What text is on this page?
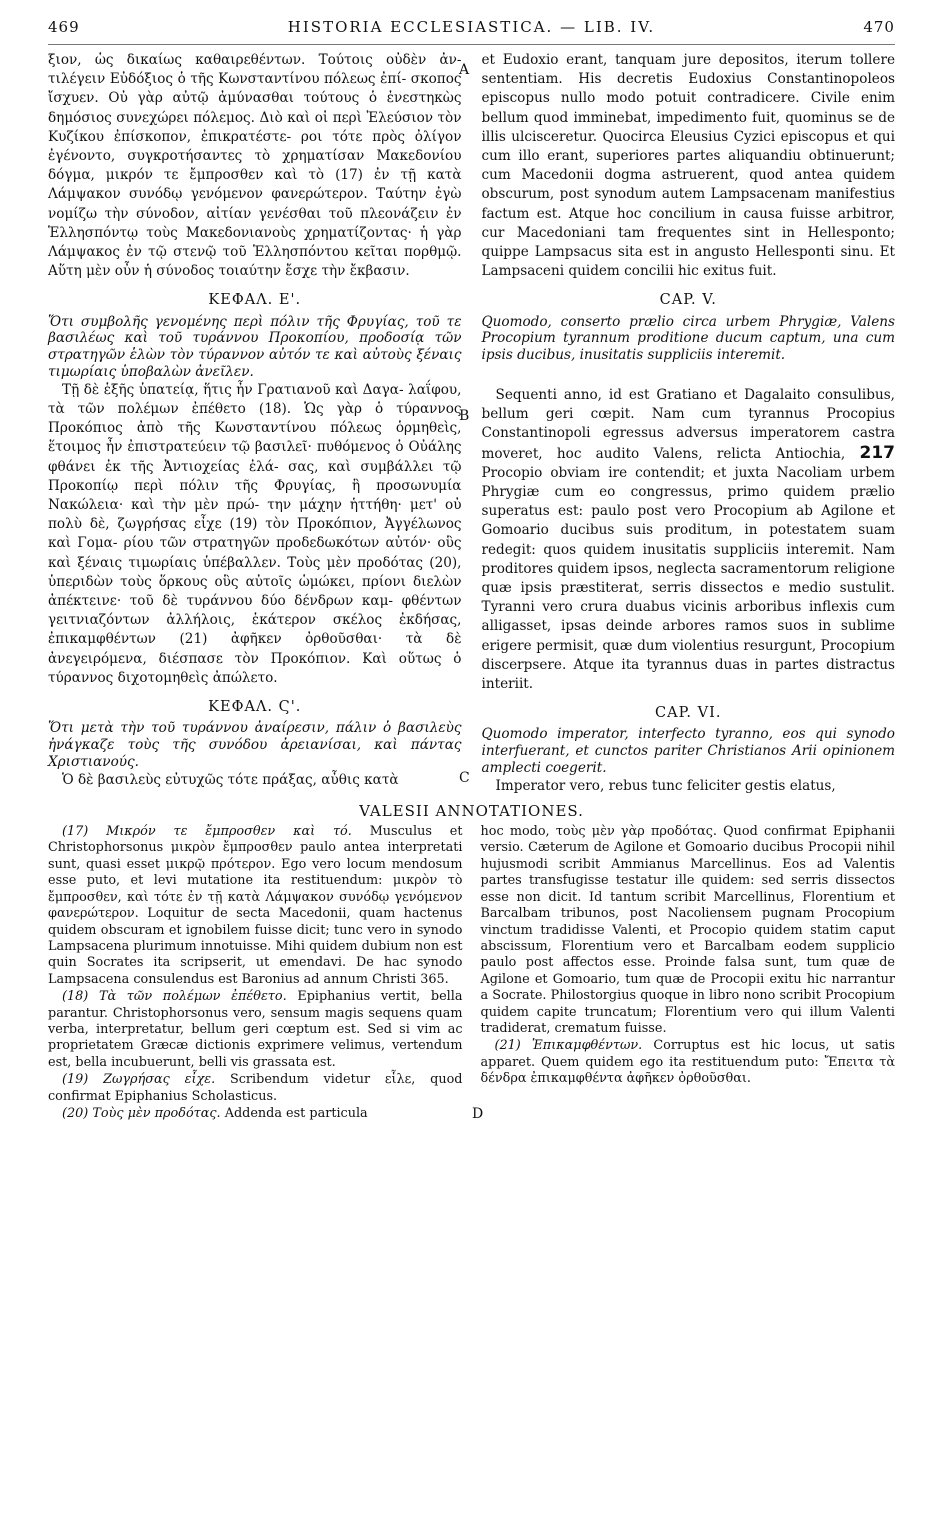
469	HISTORIA ECCLESIASTICA. — LIB. IV.	470

ξιον, ὡς δικαίως καθαιρεθέντων. Τούτοις οὐδὲν ἀν- τιλέγειν Εὐδόξιος ὁ τῆς Κωνσταντίνου πόλεως ἐπί- σκοπος ἴσχυεν. Οὐ γὰρ αὐτῷ ἀμύνασθαι τούτους ὁ ἐνεστηκὼς δημόσιος συνεχώρει πόλεμος. Διὸ καὶ οἱ περὶ Ἐλεύσιον τὸν Κυζίκου ἐπίσκοπον, ἐπικρατέστε- ροι τότε πρὸς ὀλίγον ἐγένοντο, συγκροτήσαντες τὸ χρηματίσαν Μακεδονίου δόγμα, μικρόν τε ἔμπροσθεν καὶ τὸ (17) ἐν τῇ κατὰ Λάμψακον συνόδῳ γενόμενον φανερώτερον. Ταύτην ἐγὼ νομίζω τὴν σύνοδον, αἰτίαν γενέσθαι τοῦ πλεονάζειν ἐν Ἑλλησπόντῳ τοὺς Μακεδονιανοὺς χρηματίζοντας· ἡ γὰρ Λάμψακος ἐν τῷ στενῷ τοῦ Ἑλλησπόντου κεῖται πορθμῷ. Αὕτη μὲν οὖν ἡ σύνοδος τοιαύτην ἔσχε τὴν ἔκβασιν.

ΚΕΦΑΛ. Ε'.

Ὅτι συμβολῆς γενομένης περὶ πόλιν τῆς Φρυγίας, τοῦ τε βασιλέως καὶ τοῦ τυράννου Προκοπίου, προδοσίᾳ τῶν στρατηγῶν ἑλὼν τὸν τύραννον αὐτόν τε καὶ αὐτοὺς ξέναις τιμωρίαις ὑποβαλὼν ἀνεῖλεν.

Τῇ δὲ ἑξῆς ὑπατείᾳ, ἥτις ἦν Γρατιανοῦ καὶ Δαγα- λαΐφου, τὰ τῶν πολέμων ἐπέθετο (18). Ὡς γὰρ ὁ τύραννος Προκόπιος ἀπὸ τῆς Κωνσταντίνου πόλεως ὁρμηθεὶς, ἕτοιμος ἦν ἐπιστρατεύειν τῷ βασιλεῖ· πυθόμενος ὁ Οὐάλης φθάνει ἐκ τῆς Ἀντιοχείας ἐλά- σας, καὶ συμβάλλει τῷ Προκοπίῳ περὶ πόλιν τῆς Φρυγίας, ἣ προσωνυμία Νακώλεια· καὶ τὴν μὲν πρώ- την μάχην ἡττήθη· μετ' οὐ πολὺ δὲ, ζωγρήσας εἶχε (19) τὸν Προκόπιον, Ἀγγέλωνος καὶ Γομα- ρίου τῶν στρατηγῶν προδεδωκότων αὐτόν· οὓς καὶ ξέναις τιμωρίαις ὑπέβαλλεν. Τοὺς μὲν προδότας (20), ὑπεριδὼν τοὺς ὅρκους οὓς αὐτοῖς ὡμώκει, πρίονι διελὼν ἀπέκτεινε· τοῦ δὲ τυράννου δύο δένδρων καμ- φθέντων γειτνιαζόντων ἀλλήλοις, ἑκάτερον σκέλος ἐκδήσας, ἐπικαμφθέντων (21) ἀφῆκεν ὀρθοῦσθαι· τὰ δὲ ἀνεγειρόμενα, διέσπασε τὸν Προκόπιον. Καὶ οὕτως ὁ τύραννος διχοτομηθεὶς ἀπώλετο.

ΚΕΦΑΛ. Ϛ'.

Ὅτι μετὰ τὴν τοῦ τυράννου ἀναίρεσιν, πάλιν ὁ βασιλεὺς ἠνάγκαζε τοὺς τῆς συνόδου ἀρειανίσαι, καὶ πάντας Χριστιανούς.

Ὁ δὲ βασιλεὺς εὐτυχῶς τότε πράξας, αὖθις κατὰ

A
B
C
D

et Eudoxio erant, tanquam jure depositos, iterum tollere sententiam. His decretis Eudoxius Constantinopoleos episcopus nullo modo potuit contradicere. Civile enim bellum quod imminebat, impedimento fuit, quominus se de illis ulcisceretur. Quocirca Eleusius Cyzici episcopus et qui cum illo erant, superiores partes aliquandiu obtinuerunt; cum Macedonii dogma astruerent, quod antea quidem obscurum, post synodum autem Lampsacenam manifestius factum est. Atque hoc concilium in causa fuisse arbitror, cur Macedoniani tam frequentes sint in Hellesponto; quippe Lampsacus sita est in angusto Hellesponti sinu. Et Lampsaceni quidem concilii hic exitus fuit.

CAP. V.

Quomodo, conserto prælio circa urbem Phrygiæ, Valens Procopium tyrannum proditione ducum captum, una cum ipsis ducibus, inusitatis suppliciis interemit.

Sequenti anno, id est Gratiano et Dagalaito consulibus, bellum geri cœpit. Nam cum tyrannus Procopius Constantinopoli egressus adversus imperatorem castra moveret, hoc audito Valens, relicta Antiochia, 217 Procopio obviam ire contendit; et juxta Nacoliam urbem Phrygiæ cum eo congressus, primo quidem prælio superatus est: paulo post vero Procopium ab Agilone et Gomoario ducibus suis proditum, in potestatem suam redegit: quos quidem inusitatis suppliciis interemit. Nam proditores quidem ipsos, neglecta sacramentorum religione quæ ipsis præstiterat, serris dissectos e medio sustulit. Tyranni vero crura duabus vicinis arboribus inflexis cum alligasset, ipsas deinde arbores ramos suos in sublime erigere permisit, quæ dum violentius resurgunt, Procopium discerpsere. Atque ita tyrannus duas in partes distractus interiit.

CAP. VI.

Quomodo imperator, interfecto tyranno, eos qui synodo interfuerant, et cunctos pariter Christianos Arii opinionem amplecti coegerit.

Imperator vero, rebus tunc feliciter gestis elatus,

VALESII ANNOTATIONES.

(17) Μικρόν τε ἔμπροσθεν καὶ τό. Musculus et Christophorsonus μικρὸν ἔμπροσθεν paulo antea interpretati sunt, quasi esset μικρῷ πρότερον. Ego vero locum mendosum esse puto, et levi mutatione ita restituendum: μικρὸν τὸ ἔμπροσθεν, καὶ τότε ἐν τῇ κατὰ Λάμψακον συνόδῳ γενόμενον φανερώτερον. Loquitur de secta Macedonii, quam hactenus quidem obscuram et ignobilem fuisse dicit; tunc vero in synodo Lampsacena plurimum innotuisse. Mihi quidem dubium non est quin Socrates ita scripserit, ut emendavi. De hac synodo Lampsacena consulendus est Baronius ad annum Christi 365.

(18) Τὰ τῶν πολέμων ἐπέθετο. Epiphanius vertit, bella parantur. Christophorsonus vero, sensum magis sequens quam verba, interpretatur, bellum geri cœptum est. Sed si vim ac proprietatem Græcæ dictionis exprimere velimus, vertendum est, bella incubuerunt, belli vis grassata est.

(19) Ζωγρήσας εἶχε. Scribendum videtur εἷλε, quod confirmat Epiphanius Scholasticus.

(20) Τοὺς μὲν προδότας. Addenda est particula

hoc modo, τοὺς μὲν γὰρ προδότας. Quod confirmat Epiphanii versio. Cæterum de Agilone et Gomoario ducibus Procopii nihil hujusmodi scribit Ammianus Marcellinus. Eos ad Valentis partes transfugisse testatur ille quidem: sed serris dissectos esse non dicit. Id tantum scribit Marcellinus, Florentium et Barcalbam tribunos, post Nacoliensem pugnam Procopium vinctum tradidisse Valenti, et Procopio quidem statim caput abscissum, Florentium vero et Barcalbam eodem supplicio paulo post affectos esse. Proinde falsa sunt, tum quæ de Agilone et Gomoario, tum quæ de Procopii exitu hic narrantur a Socrate. Philostorgius quoque in libro nono scribit Procopium quidem capite truncatum; Florentium vero qui illum Valenti tradiderat, crematum fuisse.

(21) Ἐπικαμφθέντων. Corruptus est hic locus, ut satis apparet. Quem quidem ego ita restituendum puto: Ἔπειτα τὰ δένδρα ἐπικαμφθέντα ἀφῆκεν ὀρθοῦσθαι.
